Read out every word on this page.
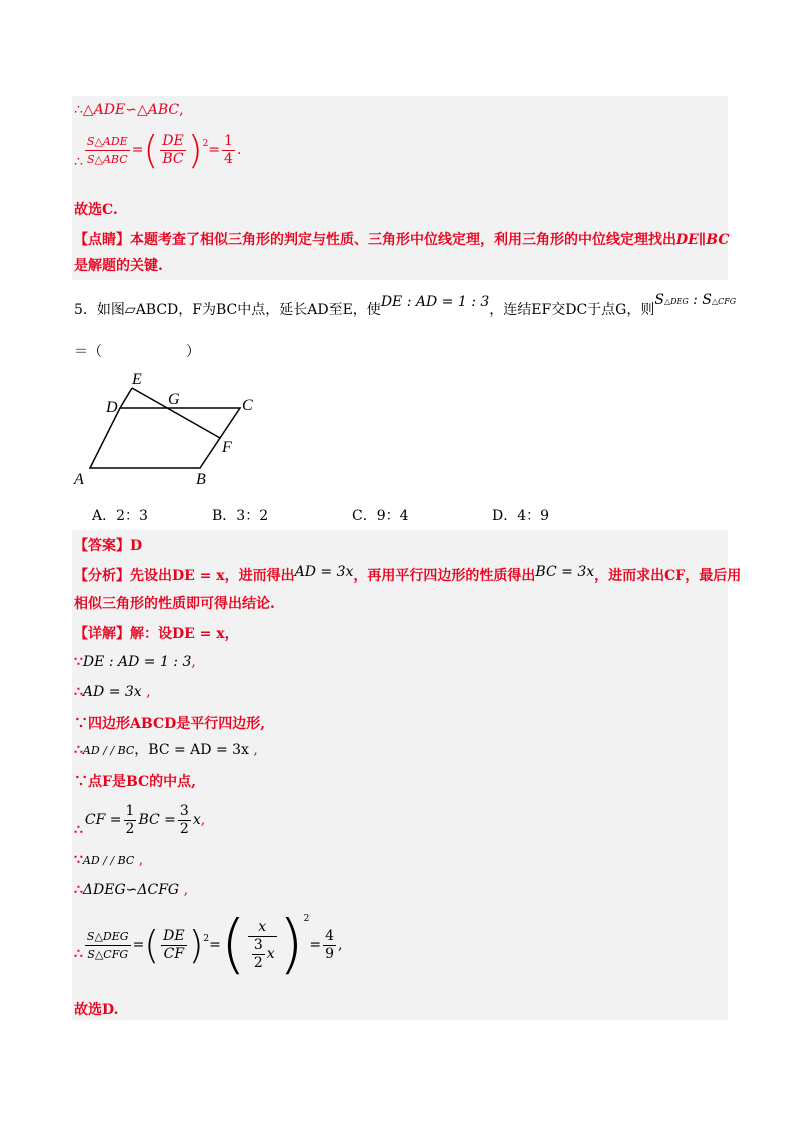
∴△ADE∽△ABC,
∴ $\frac{\text{S△ADE}}{\text{S△ABC}}$ = ( $\frac{DE}{BC}$ ) $2 = \frac{1}{4}$ .
故选C.
【点睛】本题考查了相似三角形的判定与性质、三角形中位线定理，利用三角形的中位线定理找出DE∥BC
是解题的关键.
5．如图▱ABCD，F为BC中点，延长AD至E，使DE : AD = 1 : 3，连结EF交DC于点G，则S△DEG : S△CFG
＝（　　　　　　）
E
D	G	C
F
A	B
A．2：3	B．3：2	C．9：4	D．4：9
【答案】D
【分析】先设出DE = x，进而得出AD = 3x，再用平行四边形的性质得出BC = 3x，进而求出CF，最后用
相似三角形的性质即可得出结论.
【详解】解：设DE = x，
∵DE : AD = 1 : 3,
∴AD = 3x ,
∵四边形ABCD是平行四边形,
∴AD / / BC，BC = AD = 3x ,
∵点F是BC的中点,
∴
CF = $\frac{1}{2}$ BC = $\frac{3}{2}$ x ,
∵AD / / BC ,
∴ΔDEG∽ΔCFG ,
∴ $\frac{\text{S△DEG}}{\text{S△CFG}}$ = ( $\frac{DE}{CF}$ ) 2 = ( $\frac{x}{\frac{3}{2} x}$ ) 2
= $\frac{4}{9}$ ,
故选D.
